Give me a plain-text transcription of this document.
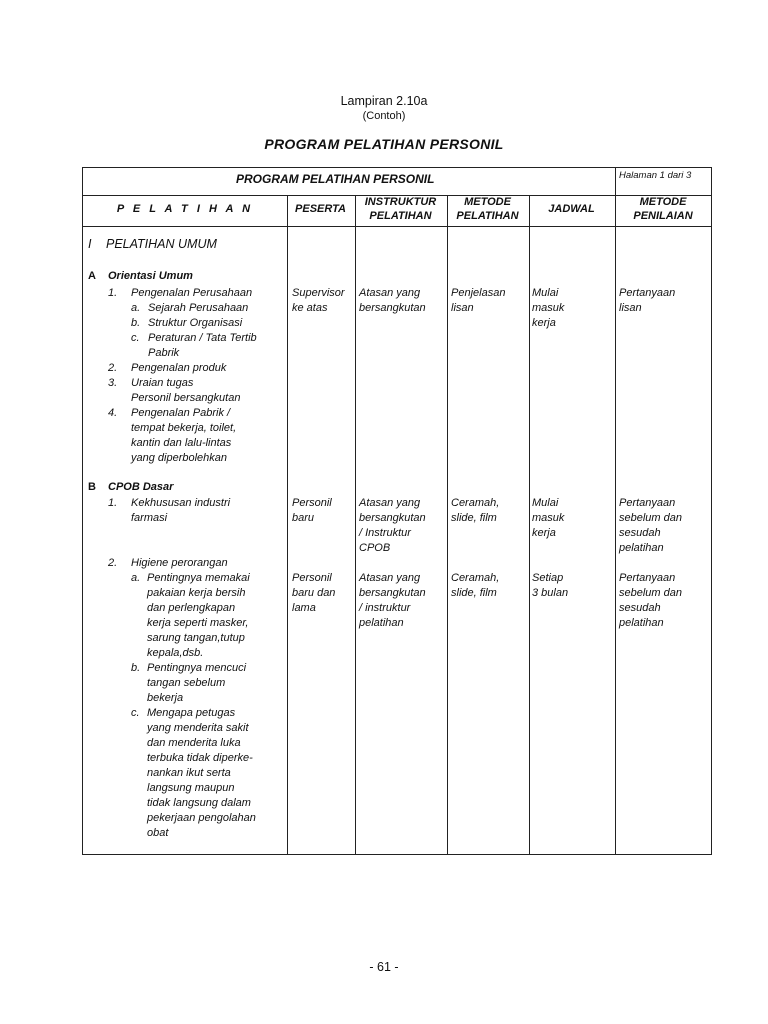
Lampiran 2.10a
(Contoh)
PROGRAM PELATIHAN PERSONIL
PROGRAM PELATIHAN PERSONIL	Halaman 1 dari 3
P E L A T I H A N	PESERTA
INSTRUKTUR
PELATIHAN
METODE
PELATIHAN
JADWAL
METODE
PENILAIAN
I PELATIHAN UMUM
A Orientasi Umum
1. Pengenalan Perusahaan
a. Sejarah Perusahaan
b. Struktur Organisasi
c. Peraturan / Tata Tertib
Pabrik
2. Pengenalan produk
3. Uraian tugas
Personil bersangkutan
4. Pengenalan Pabrik /
tempat bekerja, toilet,
kantin dan lalu-lintas
yang diperbolehkan
Supervisor
ke atas
Atasan yang
bersangkutan
Penjelasan
lisan
Mulai
masuk
kerja
Pertanyaan
lisan
B CPOB Dasar
1. Kekhususan industri
farmasi
Personil
baru
Atasan yang
bersangkutan
/ Instruktur
CPOB
Ceramah,
slide, film
Mulai
masuk
kerja
Pertanyaan
sebelum dan
sesudah
pelatihan
2. Higiene perorangan
a. Pentingnya memakai
pakaian kerja bersih
dan perlengkapan
kerja seperti masker,
sarung tangan,tutup
kepala,dsb.
b. Pentingnya mencuci
tangan sebelum
bekerja
c. Mengapa petugas
yang menderita sakit
dan menderita luka
terbuka tidak diperke-
nankan ikut serta
langsung maupun
tidak langsung dalam
pekerjaan pengolahan
obat
Personil
baru dan
lama
Atasan yang
bersangkutan
/ instruktur
pelatihan
Ceramah,
slide, film
Setiap
3 bulan
Pertanyaan
sebelum dan
sesudah
pelatihan
- 61 -
